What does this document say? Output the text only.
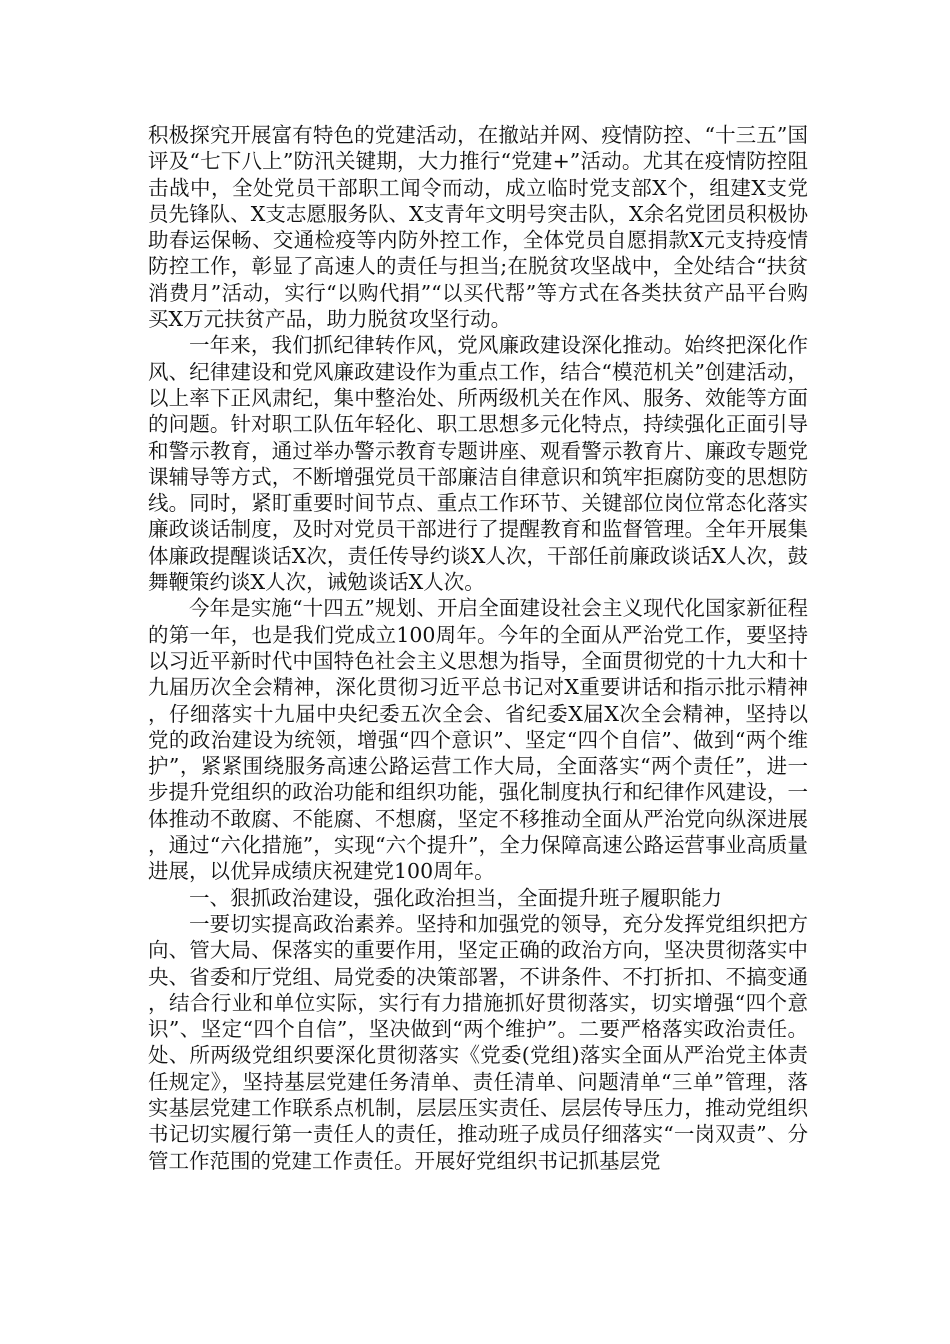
积极探究开展富有特色的党建活动，在撤站并网、疫情防控、“十三五”国评及“七下八上”防汛关键期，大力推行“党建+”活动。尤其在疫情防控阻击战中，全处党员干部职工闻令而动，成立临时党支部X个，组建X支党员先锋队、X支志愿服务队、X支青年文明号突击队，X余名党团员积极协助春运保畅、交通检疫等内防外控工作，全体党员自愿捐款X元支持疫情防控工作，彰显了高速人的责任与担当;在脱贫攻坚战中，全处结合“扶贫消费月”活动，实行“以购代捐”“以买代帮”等方式在各类扶贫产品平台购买X万元扶贫产品，助力脱贫攻坚行动。

一年来，我们抓纪律转作风，党风廉政建设深化推动。始终把深化作风、纪律建设和党风廉政建设作为重点工作，结合“模范机关”创建活动，以上率下正风肃纪，集中整治处、所两级机关在作风、服务、效能等方面的问题。针对职工队伍年轻化、职工思想多元化特点，持续强化正面引导和警示教育，通过举办警示教育专题讲座、观看警示教育片、廉政专题党课辅导等方式，不断增强党员干部廉洁自律意识和筑牢拒腐防变的思想防线。同时，紧盯重要时间节点、重点工作环节、关键部位岗位常态化落实廉政谈话制度，及时对党员干部进行了提醒教育和监督管理。全年开展集体廉政提醒谈话X次，责任传导约谈X人次，干部任前廉政谈话X人次，鼓舞鞭策约谈X人次，诫勉谈话X人次。

今年是实施“十四五”规划、开启全面建设社会主义现代化国家新征程的第一年，也是我们党成立100周年。今年的全面从严治党工作，要坚持以习近平新时代中国特色社会主义思想为指导，全面贯彻党的十九大和十九届历次全会精神，深化贯彻习近平总书记对X重要讲话和指示批示精神，仔细落实十九届中央纪委五次全会、省纪委X届X次全会精神，坚持以党的政治建设为统领，增强“四个意识”、坚定“四个自信”、做到“两个维护”，紧紧围绕服务高速公路运营工作大局，全面落实“两个责任”，进一步提升党组织的政治功能和组织功能，强化制度执行和纪律作风建设，一体推动不敢腐、不能腐、不想腐，坚定不移推动全面从严治党向纵深进展，通过“六化措施”，实现“六个提升”，全力保障高速公路运营事业高质量进展，以优异成绩庆祝建党100周年。

一、狠抓政治建设，强化政治担当，全面提升班子履职能力

一要切实提高政治素养。坚持和加强党的领导，充分发挥党组织把方向、管大局、保落实的重要作用，坚定正确的政治方向，坚决贯彻落实中央、省委和厅党组、局党委的决策部署，不讲条件、不打折扣、不搞变通，结合行业和单位实际，实行有力措施抓好贯彻落实，切实增强“四个意识”、坚定“四个自信”，坚决做到“两个维护”。二要严格落实政治责任。处、所两级党组织要深化贯彻落实《党委(党组)落实全面从严治党主体责任规定》，坚持基层党建任务清单、责任清单、问题清单“三单”管理，落实基层党建工作联系点机制，层层压实责任、层层传导压力，推动党组织书记切实履行第一责任人的责任，推动班子成员仔细落实“一岗双责”、分管工作范围的党建工作责任。开展好党组织书记抓基层党
